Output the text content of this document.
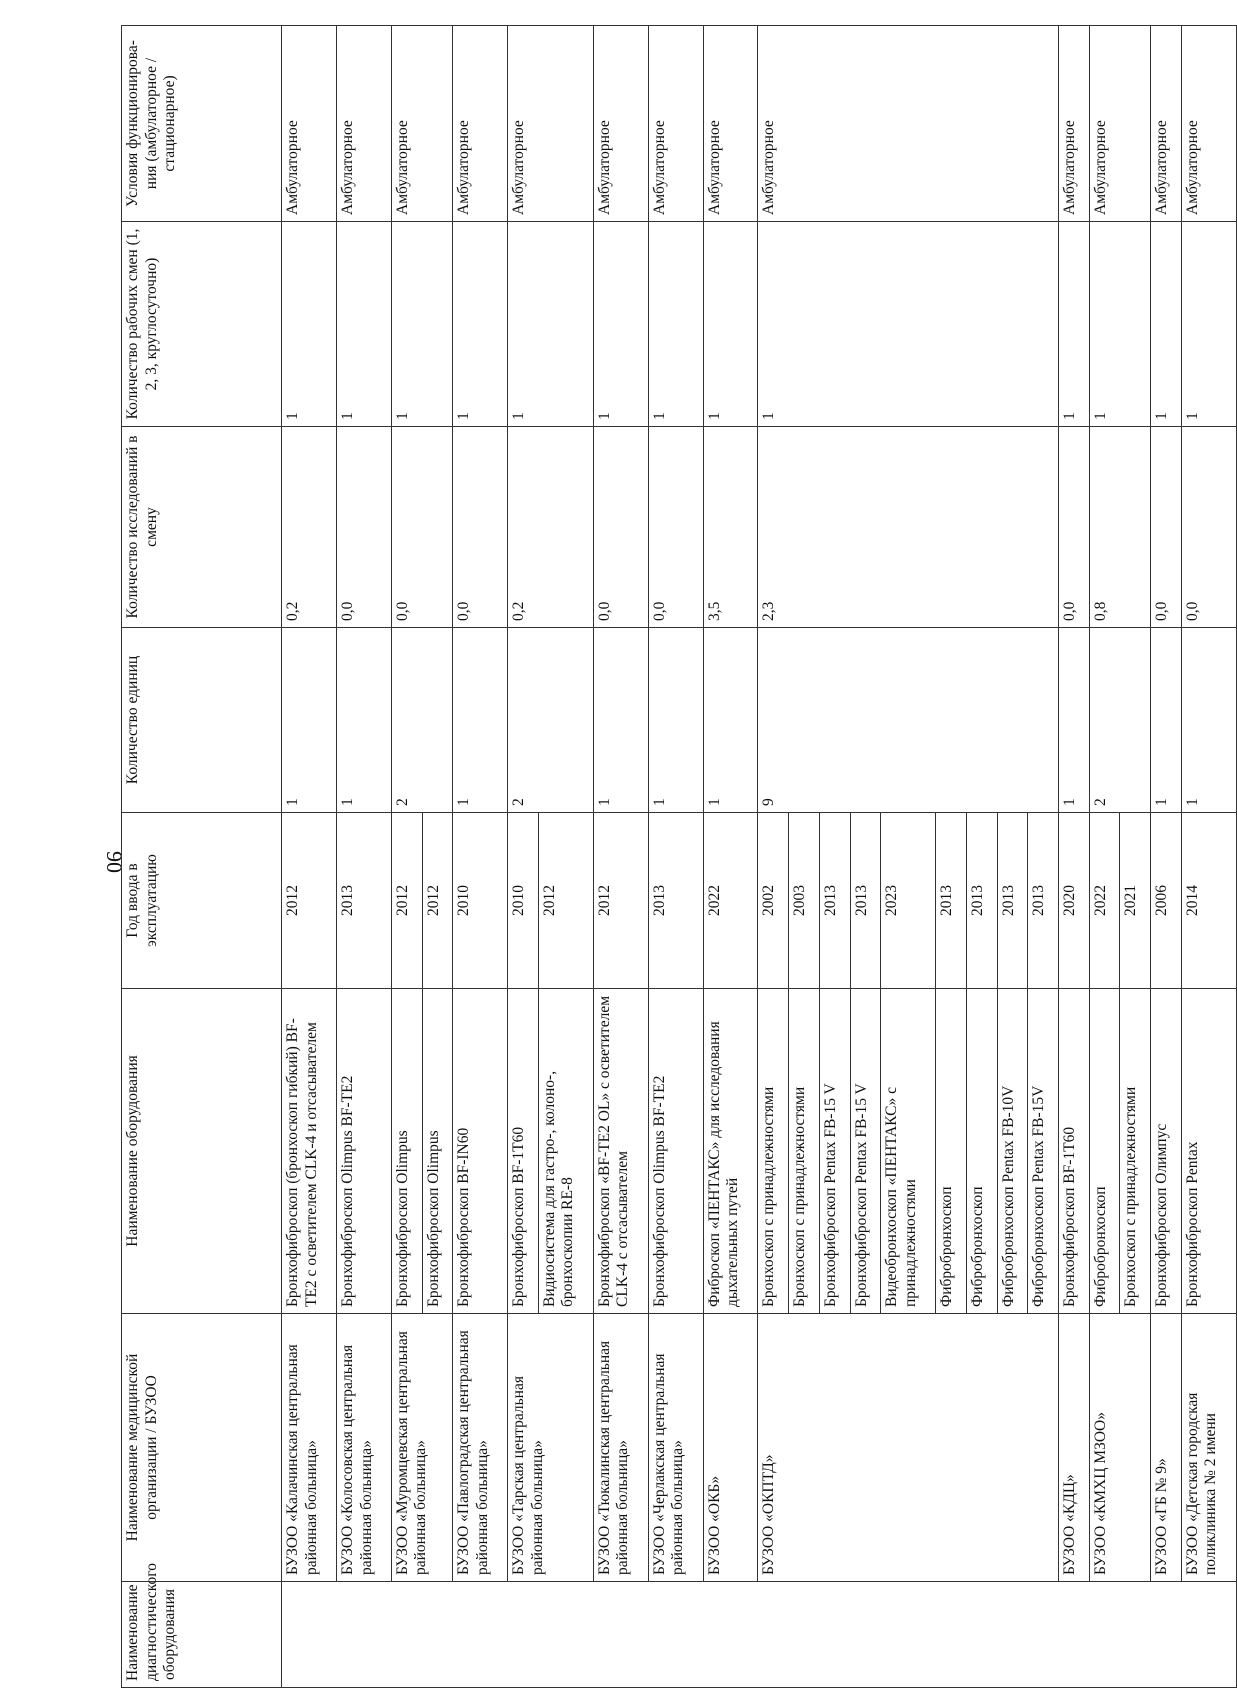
90
Наименование диагностического оборудования	Наименование медицинской организации / БУЗОО	Наименование оборудования	Год ввода в эксплуатацию	Количество единиц	Количество исследований в смену	Количество рабочих смен (1, 2, 3, круглосуточно)	Условия функционирова-ния (амбулаторное / стационарное)
	БУЗОО «Калачинская центральная районная больница»	Бронхофиброскоп (бронхоскоп гибкий) BF-TE2 с осветителем CLK-4 и отсасывателем	2012	1	0,2	1	Амбулаторное
	БУЗОО «Колосовская центральная районная больница»	Бронхофиброскоп Olimpus BF-TE2	2013	1	0,0	1	Амбулаторное
	БУЗОО «Муромцевская центральная районная больница»	Бронхофиброскоп Olimpus	2012	2	0,0	1	Амбулаторное
		Бронхофиброскоп Olimpus	2012				
	БУЗОО «Павлоградская центральная районная больница»	Бронхофиброскоп BF-IN60	2010	1	0,0	1	Амбулаторное
	БУЗОО «Тарская центральная районная больница»	Бронхофиброскоп BF-1T60	2010	2	0,2	1	Амбулаторное
		Видиосистема для гастро-, колоно-, бронхоскопии RE-8	2012				
	БУЗОО «Тюкалинская центральная районная больница»	Бронхофиброскоп «BF-TE2 OL» с осветителем CLK-4 с отсасывателем	2012	1	0,0	1	Амбулаторное
	БУЗОО «Черлакская центральная районная больница»	Бронхофиброскоп Olimpus BF-TE2	2013	1	0,0	1	Амбулаторное
	БУЗОО «ОКБ»	Фиброскоп «ПЕНТАКС» для исследования дыхательных путей	2022	1	3,5	1	Амбулаторное
	БУЗОО «ОКПТД»	Бронхоскоп с принадлежностями	2002	9	2,3	1	Амбулаторное
		Бронхоскоп с принадлежностями	2003				
		Бронхофиброскоп Pentax FB-15 V	2013				
		Бронхофиброскоп Pentax FB-15 V	2013				
		Видеобронхоскоп «ПЕНТАКС» с принадлежностями	2023				
		Фибробронхоскоп	2013				
		Фибробронхоскоп	2013				
		Фибробронхоскоп Pentax FB-10V	2013				
		Фибробронхоскоп Pentax FB-15V	2013				
	БУЗОО «КДЦ»	Бронхофиброскоп BF-1T60	2020	1	0,0	1	Амбулаторное
	БУЗОО «КМХЦ МЗОО»	Фибробронхоскоп	2022	2	0,8	1	Амбулаторное
		Бронхоскоп с принадлежностями	2021				
	БУЗОО «ГБ № 9»	Бронхофиброскоп Олимпус	2006	1	0,0	1	Амбулаторное
	БУЗОО «Детская городская поликлиника № 2 имени	Бронхофиброскоп Pentax	2014	1	0,0	1	Амбулаторное
